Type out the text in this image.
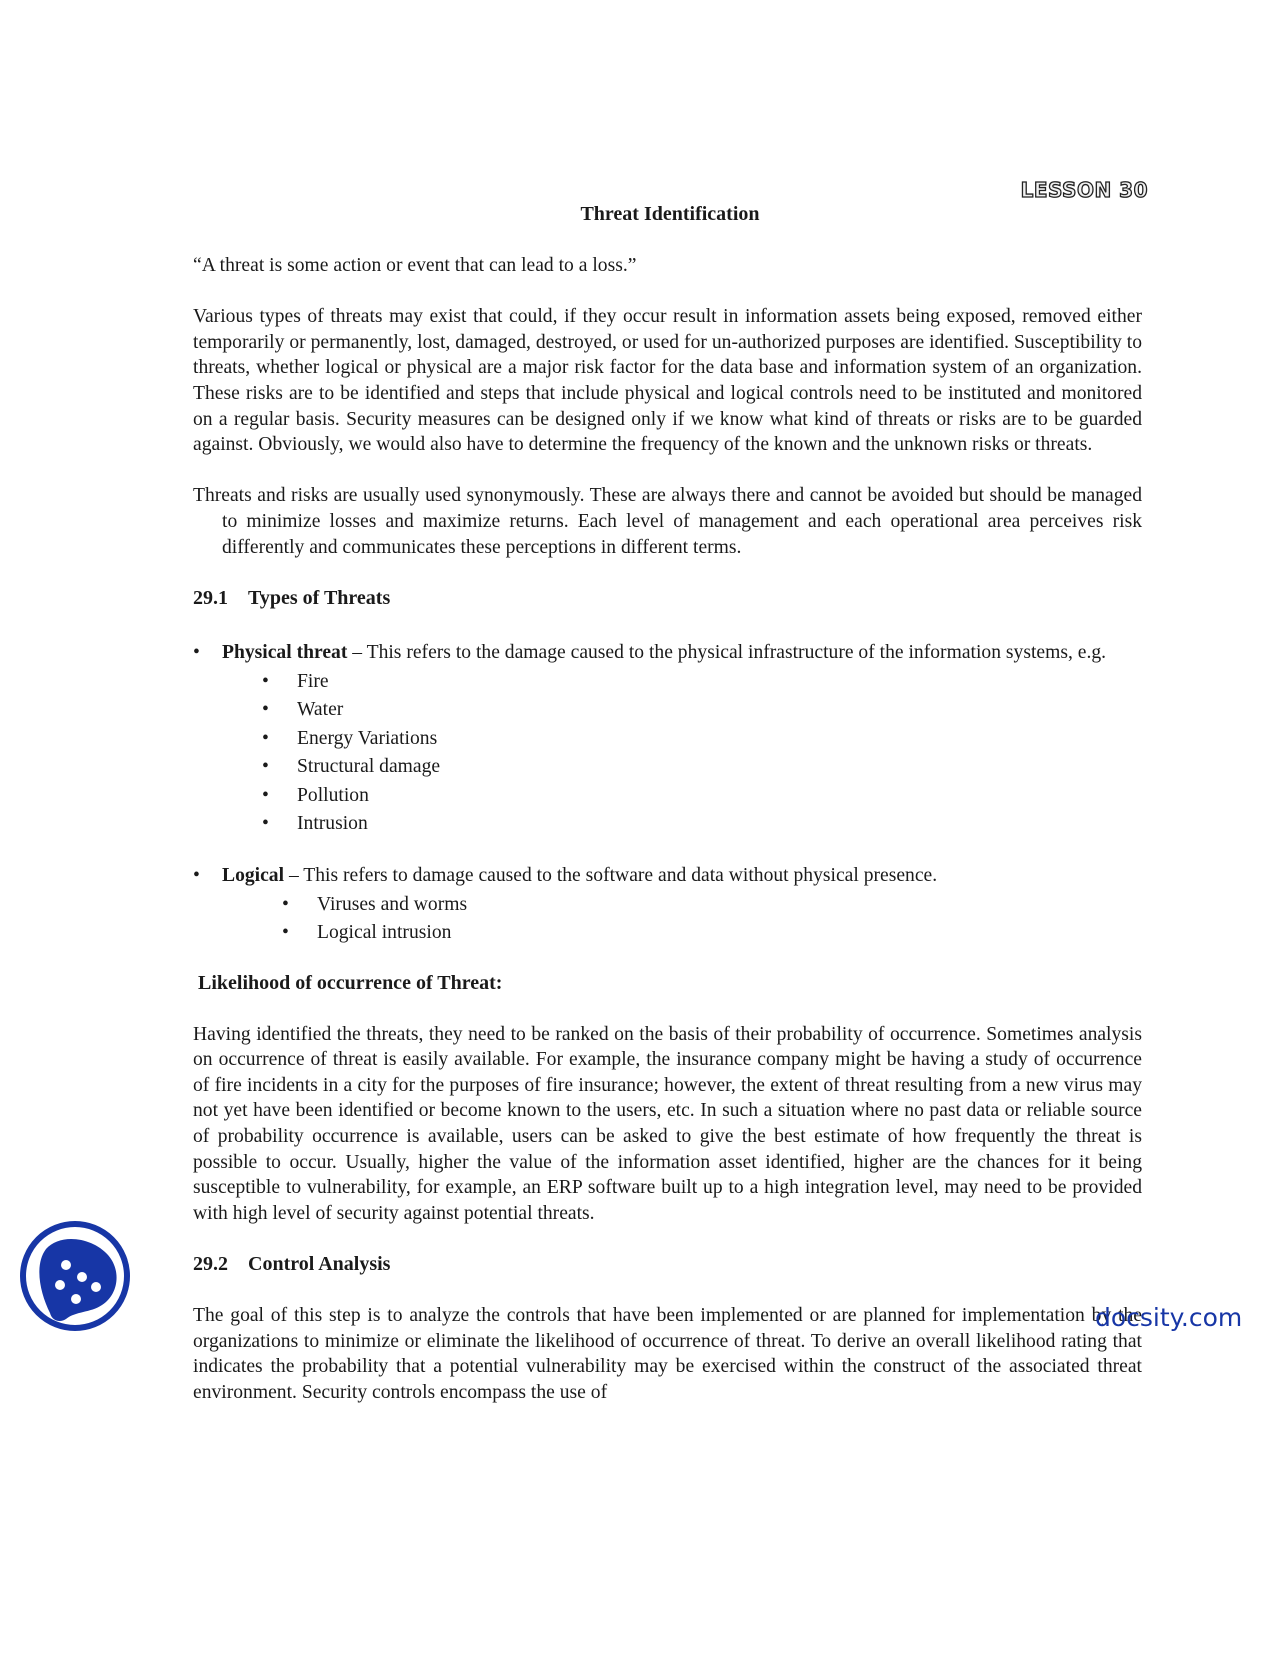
LESSON 30
Threat Identification

“A threat is some action or event that can lead to a loss.”

Various types of threats may exist that could, if they occur result in information assets being exposed, removed either temporarily or permanently, lost, damaged, destroyed, or used for un-authorized purposes are identified. Susceptibility to threats, whether logical or physical are a major risk factor for the data base and information system of an organization. These risks are to be identified and steps that include physical and logical controls need to be instituted and monitored on a regular basis. Security measures can be designed only if we know what kind of threats or risks are to be guarded against. Obviously, we would also have to determine the frequency of the known and the unknown risks or threats.

Threats and risks are usually used synonymously. These are always there and cannot be avoided but should be managed to minimize losses and maximize returns. Each level of management and each operational area perceives risk differently and communicates these perceptions in different terms.

29.1 Types of Threats
• Physical threat – This refers to the damage caused to the physical infrastructure of the information systems, e.g.
• Fire
• Water
• Energy Variations
• Structural damage
• Pollution
• Intrusion
• Logical – This refers to damage caused to the software and data without physical presence.
• Viruses and worms
• Logical intrusion
Likelihood of occurrence of Threat:

Having identified the threats, they need to be ranked on the basis of their probability of occurrence. Sometimes analysis on occurrence of threat is easily available. For example, the insurance company might be having a study of occurrence of fire incidents in a city for the purposes of fire insurance; however, the extent of threat resulting from a new virus may not yet have been identified or become known to the users, etc. In such a situation where no past data or reliable source of probability occurrence is available, users can be asked to give the best estimate of how frequently the threat is possible to occur. Usually, higher the value of the information asset identified, higher are the chances for it being susceptible to vulnerability, for example, an ERP software built up to a high integration level, may need to be provided with high level of security against potential threats.

29.2 Control Analysis

The goal of this step is to analyze the controls that have been implemented or are planned for implementation by the organizations to minimize or eliminate the likelihood of occurrence of threat. To derive an overall likelihood rating that indicates the probability that a potential vulnerability may be exercised within the construct of the associated threat environment. Security controls encompass the use of

docsity.com
